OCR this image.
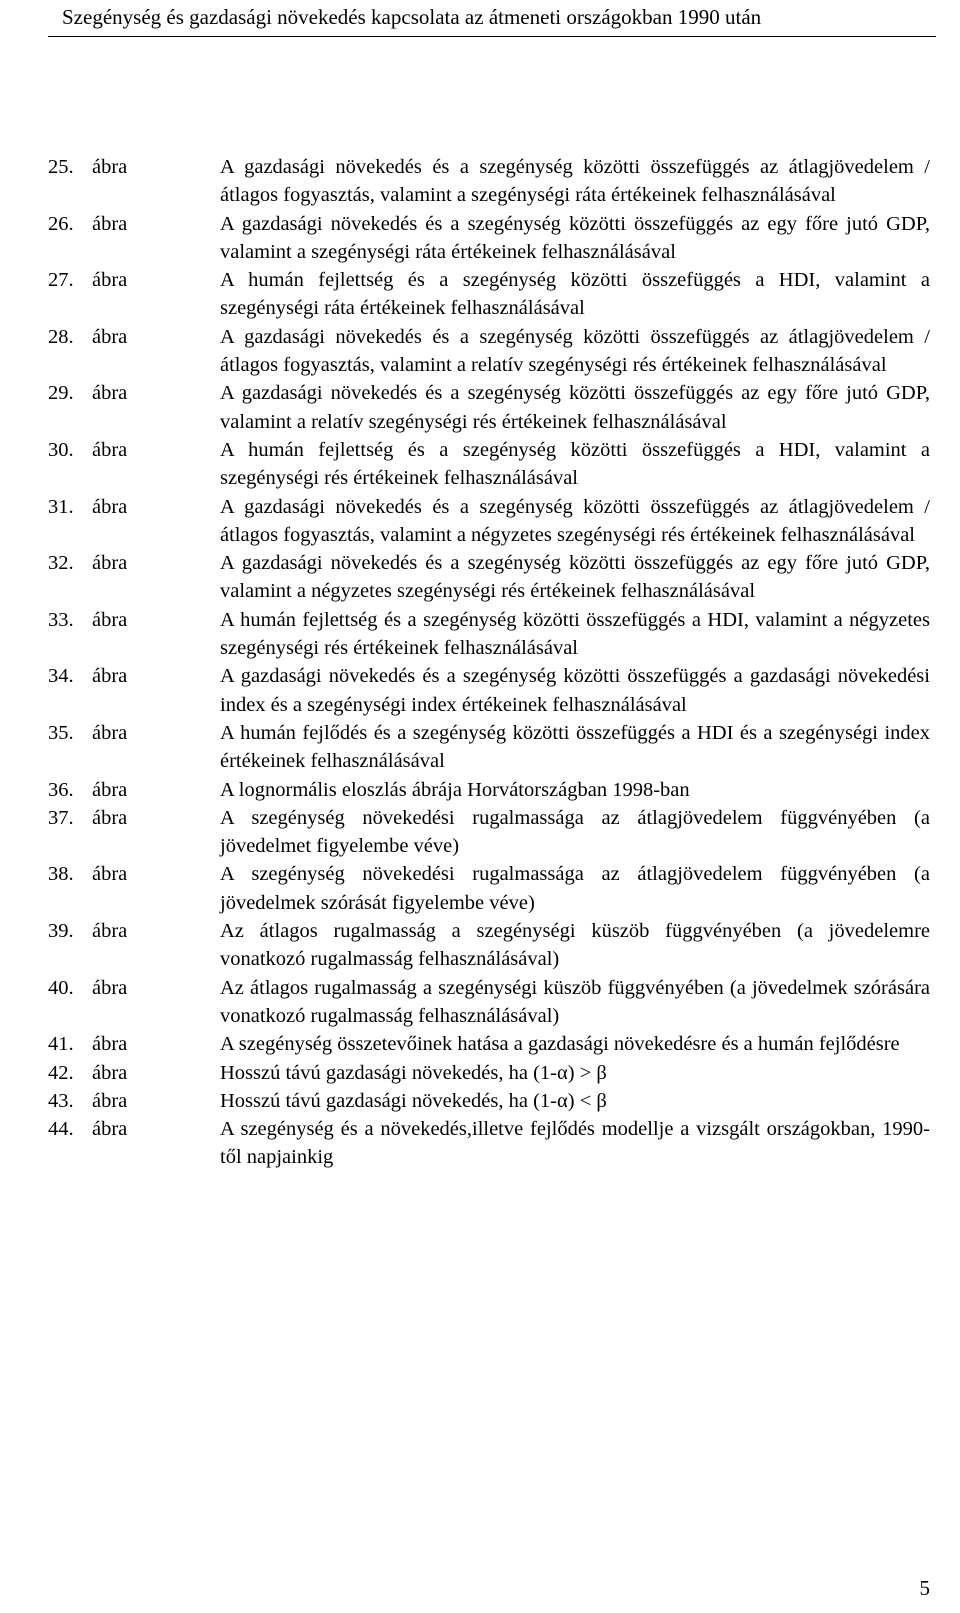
Szegénység és gazdasági növekedés kapcsolata az átmeneti országokban 1990 után
25. ábra	A gazdasági növekedés és a szegénység közötti összefüggés az átlagjövedelem / átlagos fogyasztás, valamint a szegénységi ráta értékeinek felhasználásával
26. ábra	A gazdasági növekedés és a szegénység közötti összefüggés az egy főre jutó GDP, valamint a szegénységi ráta értékeinek felhasználásával
27. ábra	A humán fejlettség és a szegénység közötti összefüggés a HDI, valamint a szegénységi ráta értékeinek felhasználásával
28. ábra	A gazdasági növekedés és a szegénység közötti összefüggés az átlagjövedelem / átlagos fogyasztás, valamint a relatív szegénységi rés értékeinek felhasználásával
29. ábra	A gazdasági növekedés és a szegénység közötti összefüggés az egy főre jutó GDP, valamint a relatív szegénységi rés értékeinek felhasználásával
30. ábra	A humán fejlettség és a szegénység közötti összefüggés a HDI, valamint a szegénységi rés értékeinek felhasználásával
31. ábra	A gazdasági növekedés és a szegénység közötti összefüggés az átlagjövedelem / átlagos fogyasztás, valamint a négyzetes szegénységi rés értékeinek felhasználásával
32. ábra	A gazdasági növekedés és a szegénység közötti összefüggés az egy főre jutó GDP, valamint a négyzetes szegénységi rés értékeinek felhasználásával
33. ábra	A humán fejlettség és a szegénység közötti összefüggés a HDI, valamint a négyzetes szegénységi rés értékeinek felhasználásával
34. ábra	A gazdasági növekedés és a szegénység közötti összefüggés a gazdasági növekedési index és a szegénységi index értékeinek felhasználásával
35. ábra	A humán fejlődés és a szegénység közötti összefüggés a HDI és a szegénységi index értékeinek felhasználásával
36. ábra	A lognormális eloszlás ábrája Horvátországban 1998-ban
37. ábra	A szegénység növekedési rugalmassága az átlagjövedelem függvényében (a jövedelmet figyelembe véve)
38. ábra	A szegénység növekedési rugalmassága az átlagjövedelem függvényében (a jövedelmek szórását figyelembe véve)
39. ábra	Az átlagos rugalmasság a szegénységi küszöb függvényében (a jövedelemre vonatkozó rugalmasság felhasználásával)
40. ábra	Az átlagos rugalmasság a szegénységi küszöb függvényében (a jövedelmek szórására vonatkozó rugalmasság felhasználásával)
41. ábra	A szegénység összetevőinek hatása a gazdasági növekedésre és a humán fejlődésre
42. ábra	Hosszú távú gazdasági növekedés, ha (1-α) > β
43. ábra	Hosszú távú gazdasági növekedés, ha (1-α) < β
44. ábra	A szegénység és a növekedés,illetve fejlődés modellje a vizsgált országokban, 1990-től napjainkig
5
